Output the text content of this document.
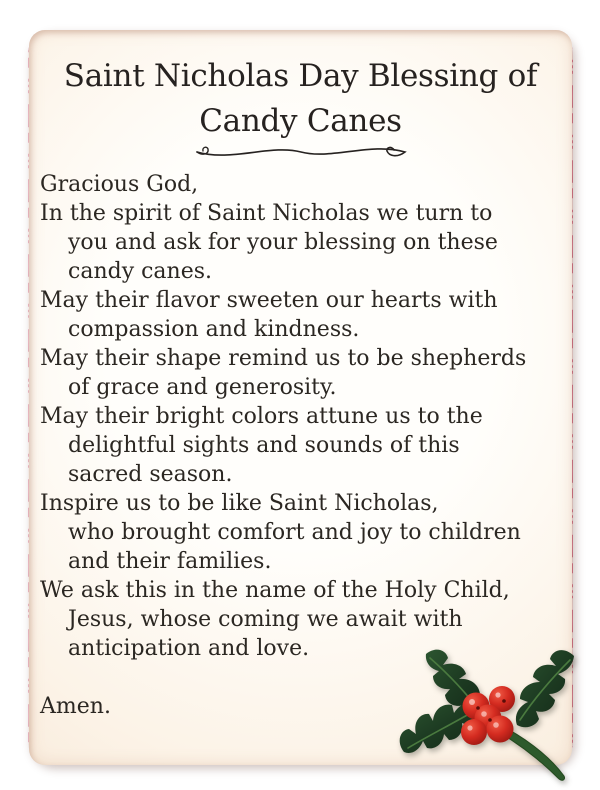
Saint Nicholas Day Blessing of
Candy Canes

Gracious God,

In the spirit of Saint Nicholas we turn to

you and ask for your blessing on these

candy canes.

May their flavor sweeten our hearts with

compassion and kindness.

May their shape remind us to be shepherds

of grace and generosity.

May their bright colors attune us to the

delightful sights and sounds of this

sacred season.

Inspire us to be like Saint Nicholas,

who brought comfort and joy to children

and their families.

We ask this in the name of the Holy Child,

Jesus, whose coming we await with

anticipation and love.

Amen.
